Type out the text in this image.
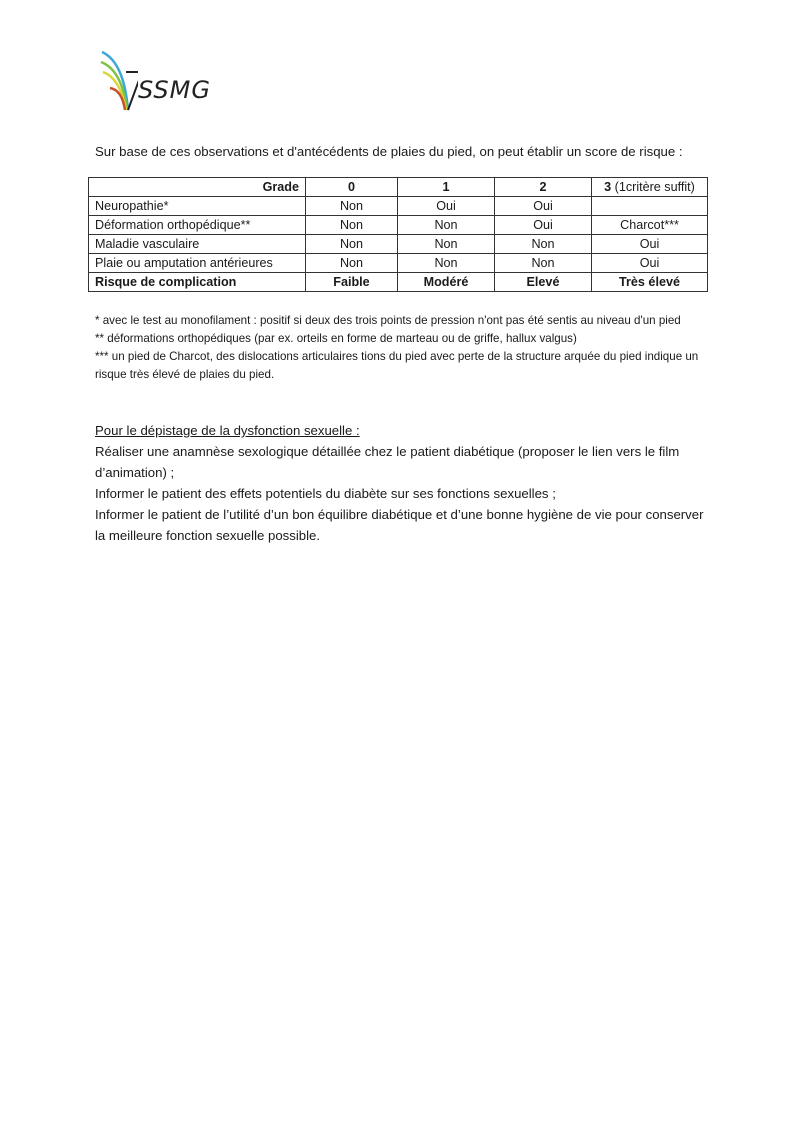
SSMG
Sur base de ces observations et d'antécédents de plaies du pied, on peut établir un score de risque :
Grade	0	1	2	3 (1critère suffit)
Neuropathie*	Non	Oui	Oui	
Déformation orthopédique**	Non	Non	Oui	Charcot***
Maladie vasculaire	Non	Non	Non	Oui
Plaie ou amputation antérieures	Non	Non	Non	Oui
Risque de complication	Faible	Modéré	Elevé	Très élevé

* avec le test au monofilament : positif si deux des trois points de pression n'ont pas été sentis au niveau d'un pied

** déformations orthopédiques (par ex. orteils en forme de marteau ou de griffe, hallux valgus)

*** un pied de Charcot, des dislocations articulaires tions du pied avec perte de la structure arquée du pied indique un risque très élevé de plaies du pied.

Pour le dépistage de la dysfonction sexuelle :

Réaliser une anamnèse sexologique détaillée chez le patient diabétique (proposer le lien vers le film d’animation) ;

Informer le patient des effets potentiels du diabète sur ses fonctions sexuelles ;

Informer le patient de l’utilité d’un bon équilibre diabétique et d’une bonne hygiène de vie pour conserver la meilleure fonction sexuelle possible.
